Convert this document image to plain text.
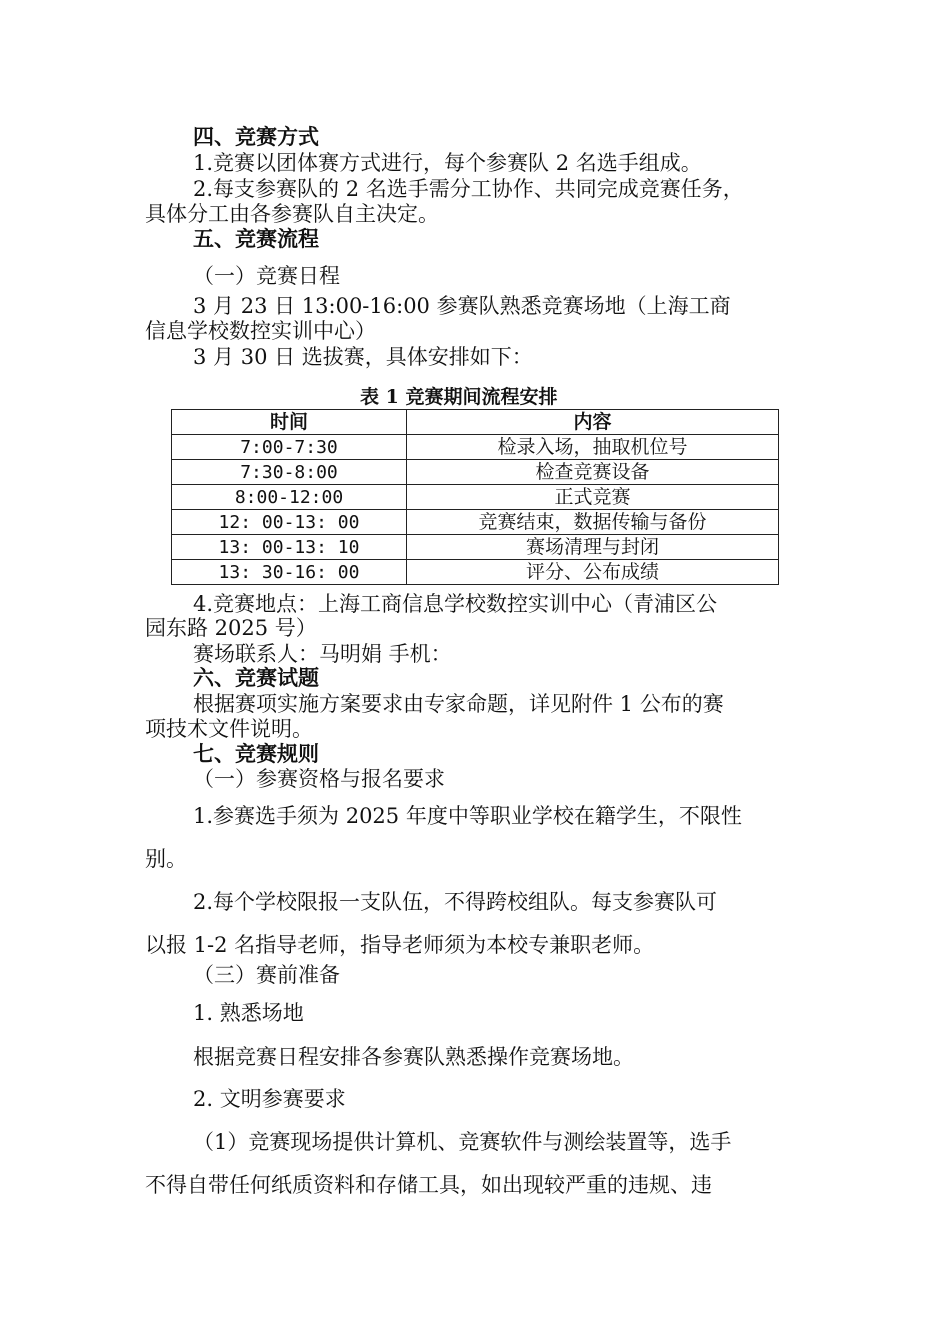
四、竞赛方式
1.竞赛以团体赛方式进行，每个参赛队 2 名选手组成。
2.每支参赛队的 2 名选手需分工协作、共同完成竞赛任务，
具体分工由各参赛队自主决定。
五、竞赛流程
（一）竞赛日程
3 月 23 日 13:00-16:00 参赛队熟悉竞赛场地（上海工商
信息学校数控实训中心）
3 月 30 日 选拔赛，具体安排如下：
表 1 竞赛期间流程安排
时间	内容
7:00-7:30	检录入场，抽取机位号
7:30-8:00	检查竞赛设备
8:00-12:00	正式竞赛
12: 00-13: 00	竞赛结束，数据传输与备份
13: 00-13: 10	赛场清理与封闭
13: 30-16: 00	评分、公布成绩
4.竞赛地点：上海工商信息学校数控实训中心（青浦区公
园东路 2025 号）
赛场联系人：马明娟 手机：
六、竞赛试题
根据赛项实施方案要求由专家命题，详见附件 1 公布的赛
项技术文件说明。
七、竞赛规则
（一）参赛资格与报名要求
1.参赛选手须为 2025 年度中等职业学校在籍学生，不限性
别。
2.每个学校限报一支队伍，不得跨校组队。每支参赛队可
以报 1-2 名指导老师，指导老师须为本校专兼职老师。
（三）赛前准备
1. 熟悉场地
根据竞赛日程安排各参赛队熟悉操作竞赛场地。
2. 文明参赛要求
（1）竞赛现场提供计算机、竞赛软件与测绘装置等，选手
不得自带任何纸质资料和存储工具，如出现较严重的违规、违
